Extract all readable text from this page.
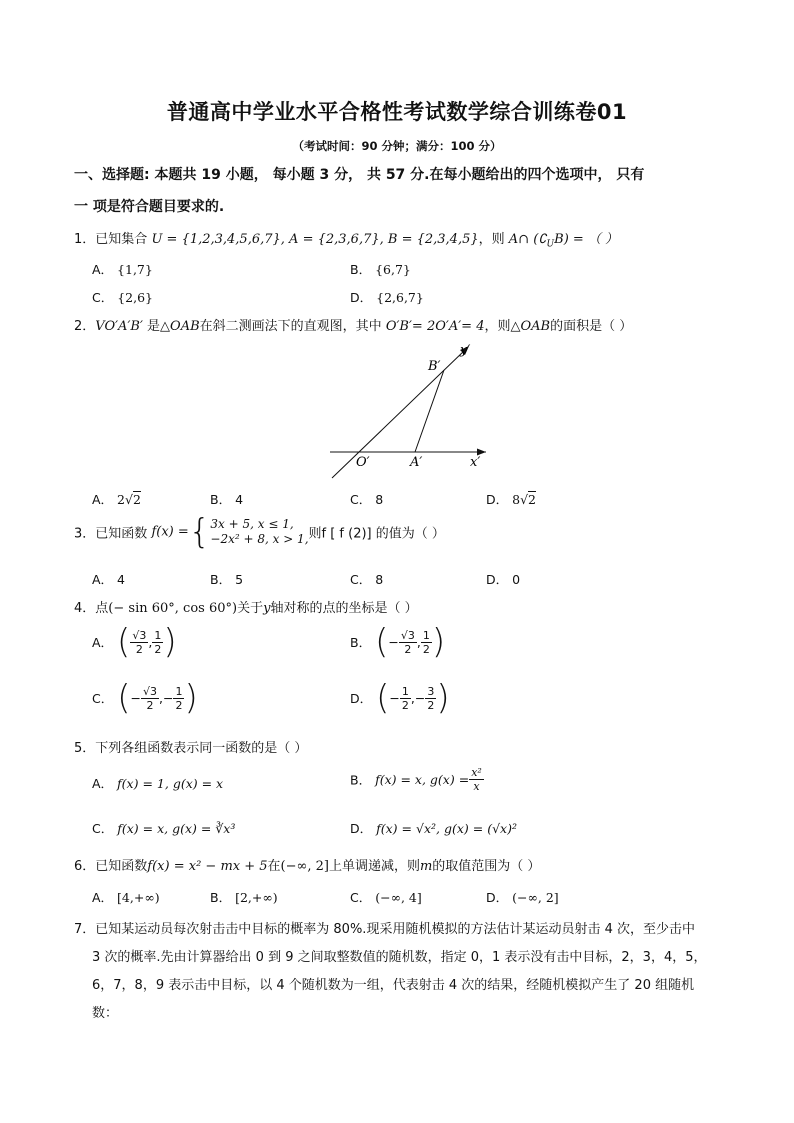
普通高中学业水平合格性考试数学综合训练卷01
（考试时间：90 分钟；满分：100 分）
一、选择题: 本题共 19 小题， 每小题 3 分， 共 57 分.在每小题给出的四个选项中， 只有
一 项是符合题目要求的.
1．已知集合 U = {1,2,3,4,5,6,7}, A = {2,3,6,7}, B = {2,3,4,5}，则 A∩ $(∁_UB)$ = （ ）
A． {1,7}	B． {6,7}
C． {2,6}	D． {2,6,7}
2．VO′A′B′ 是△OAB在斜二测画法下的直观图，其中 O′B′= 2O′A′= 4，则△OAB的面积是（ ）
y′
x′
O′	A′
B′
A． 2√2	B． 4	C． 8	D． 8√2
3．已知函数 f(x) ={ 3x + 5, x ≤ 1,
−2x² + 8, x > 1, 则f [ f (2)] 的值为（ ）
A． 4	B． 5	C． 8	D． 0
4．点(− sin 60°, cos 60°)关于y轴对称的点的坐标是（ ）
A． ( $\frac{√3}{2}$ , $\frac{1}{2}$ )	B． (− $\frac{√3}{2}$ , $\frac{1}{2}$ )
C． (− $\frac{√3}{2}$ ,− $\frac{1}{2}$ )	D． (− $\frac{1}{2}$ ,− $\frac{3}{2}$ )
5．下列各组函数表示同一函数的是（ ）
A． f(x) = 1, g(x) = x	B． f(x) = x, $g(x) = \frac{\text{x²}}{x}$
C． f(x) = x, g(x) = ∛x³	D． f(x) = √x², g(x) = (√x)²
6．已知函数f(x) = x² − mx + 5在(−∞, 2]上单调递减，则m的取值范围为（ ）
A． [4,+∞)	B． [2,+∞)	C． (−∞, 4]	D． (−∞, 2]
7．已知某运动员每次射击击中目标的概率为 80%.现采用随机模拟的方法估计某运动员射击 4 次，至少击中
3 次的概率.先由计算器给出 0 到 9 之间取整数值的随机数，指定 0，1 表示没有击中目标，2，3，4，5，
6，7，8，9 表示击中目标，以 4 个随机数为一组，代表射击 4 次的结果，经随机模拟产生了 20 组随机
数：
